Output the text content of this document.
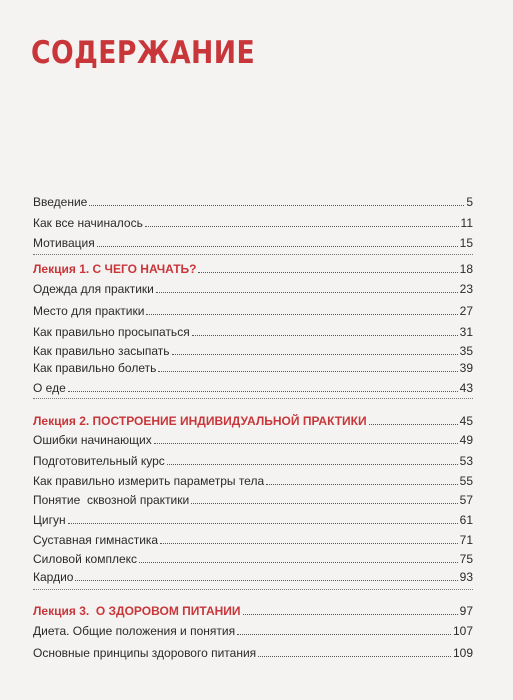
СОДЕРЖАНИЕ
Введение	5
Как все начиналось	11
Мотивация	15
Лекция 1. С ЧЕГО НАЧАТЬ?	18
Одежда для практики	23
Место для практики	27
Как правильно просыпаться	31
Как правильно засыпать	35
Как правильно болеть	39
О еде	43
Лекция 2. ПОСТРОЕНИЕ ИНДИВИДУАЛЬНОЙ ПРАКТИКИ	45
Ошибки начинающих	49
Подготовительный курс	53
Как правильно измерить параметры тела	55
Понятие  сквозной практики	57
Цигун	61
Суставная гимнастика	71
Силовой комплекс	75
Кардио	93
Лекция 3.  О ЗДОРОВОМ ПИТАНИИ	97
Диета. Общие положения и понятия	107
Основные принципы здорового питания	109
